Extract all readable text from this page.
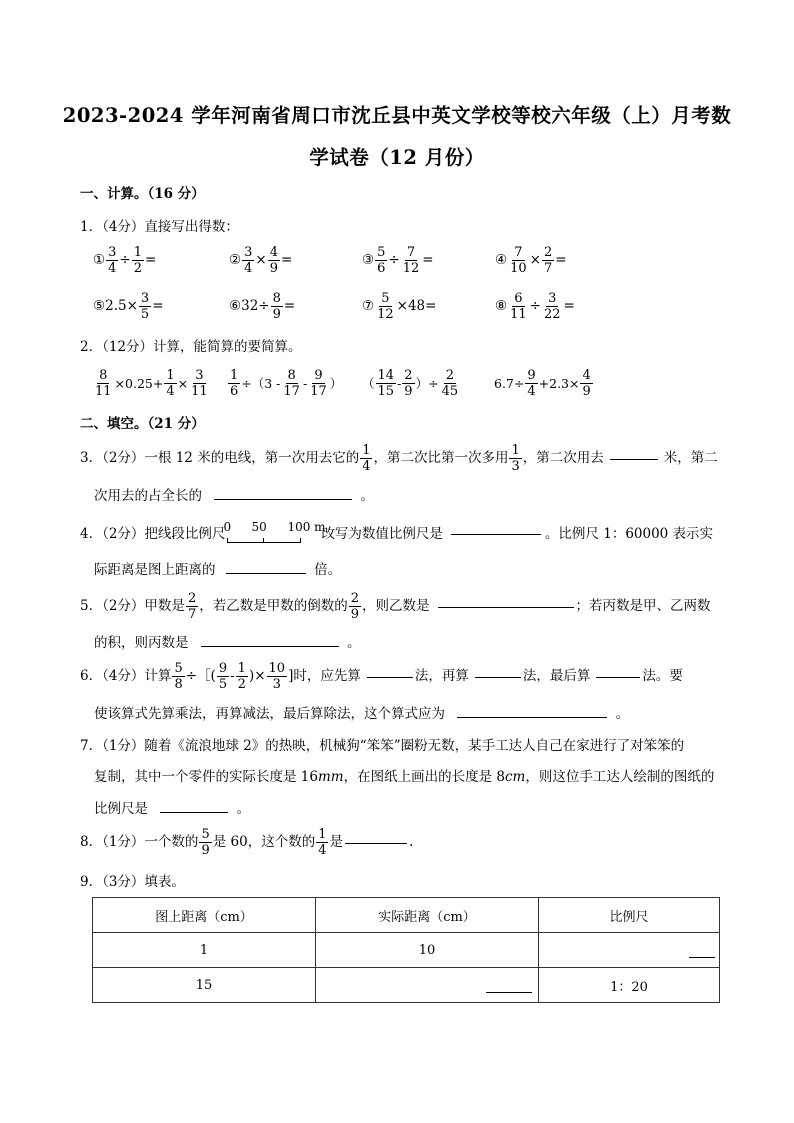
2023-2024 学年河南省周口市沈丘县中英文学校等校六年级（上）月考数
学试卷（12 月份）
一、计算。（16 分）
1．（4分）直接写出得数：
① $\frac{3}{4} \div \frac{1}{2}$ =	② $\frac{3}{4} \times \frac{4}{9}$ =	③ $\frac{5}{6} \div \frac{7}{12}$ =	④ $\frac{7}{10} \times \frac{2}{7}$ =
⑤ $2.5 \times \frac{3}{5}$ =	⑥ $32 \div \frac{8}{9}$ =	⑦ $\frac{5}{12} \times 48$ =	⑧ $\frac{6}{11} \div \frac{3}{22}$ =
2．（12分）计算，能简算的要简算。
$\frac{8}{11} \times 0.25+ \frac{1}{4} \times \frac{3}{11} \frac{1}{6} \div(3 - \frac{8}{17} - \frac{9}{17}$ ） （ $\frac{14}{15} - \frac{2}{9}$ ）÷ $\frac{2}{45}$	$6.7\div \frac{9}{4} +2.3\times \frac{4}{9}$
二、填空。（21 分）
3．（2分）一根 12 米的电线，第一次用去它的 $\frac{1}{4}$ ，第二次比第一次多用 $\frac{1}{3}$ ，第二次用去	米，第二
次用去的占全长的	。
4．（2分）把线段比例尺
0 50 100 m
改写为数值比例尺是	。比例尺 1：60000 表示实
际距离是图上距离的	倍。
5．（2分）甲数是 $\frac{2}{7}$ ，若乙数是甲数的倒数的 $\frac{2}{9}$ ，则乙数是	；若丙数是甲、乙两数
的积，则丙数是	。
6．（4分）计算 $\frac{5}{8}$ ÷［( $\frac{9}{5} - \frac{1}{2}$ )× $\frac{10}{3}$ ]时，应先算	法，再算	法，最后算	法。要
使该算式先算乘法，再算减法，最后算除法，这个算式应为	。
7．（1分）随着《流浪地球 2》的热映，机械狗“笨笨”圈粉无数，某手工达人自己在家进行了对笨笨的
复制，其中一个零件的实际长度是 16mm，在图纸上画出的长度是 8cm，则这位手工达人绘制的图纸的
比例尺是	。
8．（1分）一个数的 $\frac{5}{9}$ 是 60，这个数的 $\frac{1}{4}$ 是	.
9．（3分）填表。
图上距离（cm）	实际距离（cm）	比例尺
1	10	

15		1：20
